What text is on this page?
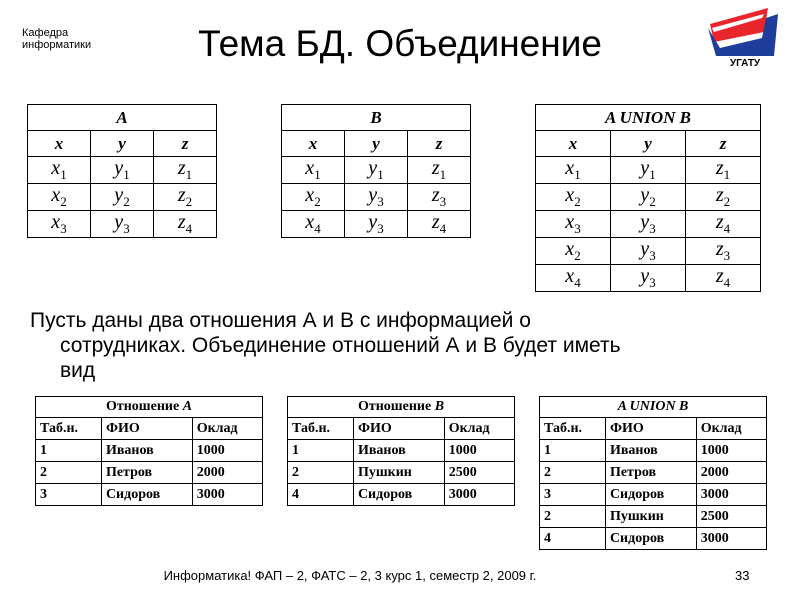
Кафедра
информатики	Тема БД. Объединение	УГАТУ
A		
x	y	z
$x_1$	$y_1$	$z_1$
$x_2$	$y_2$	$z_2$
$x_3$	$y_3$	$z_4$
B		
x	y	z
$x_1$	$y_1$	$z_1$
$x_2$	$y_3$	$z_3$
$x_4$	$y_3$	$z_4$
A UNION B		
x	y	z
$x_1$	$y_1$	$z_1$
$x_2$	$y_2$	$z_2$
$x_3$	$y_3$	$z_4$
$x_2$	$y_3$	$z_3$
$x_4$	$y_3$	$z_4$
Пусть даны два отношения А и В с информацией о
сотрудниках. Объединение отношений А и В будет иметь
вид
Отношение A		
Таб.н.	ФИО	Оклад
1	Иванов	1000
2	Петров	2000
3	Сидоров	3000
Отношение B		
Таб.н.	ФИО	Оклад
1	Иванов	1000
2	Пушкин	2500
4	Сидоров	3000
A UNION B		
Таб.н.	ФИО	Оклад
1	Иванов	1000
2	Петров	2000
3	Сидоров	3000
2	Пушкин	2500
4	Сидоров	3000
Информатика! ФАП – 2, ФАТС – 2, 3 курс 1, семестр 2, 2009 г.	33
